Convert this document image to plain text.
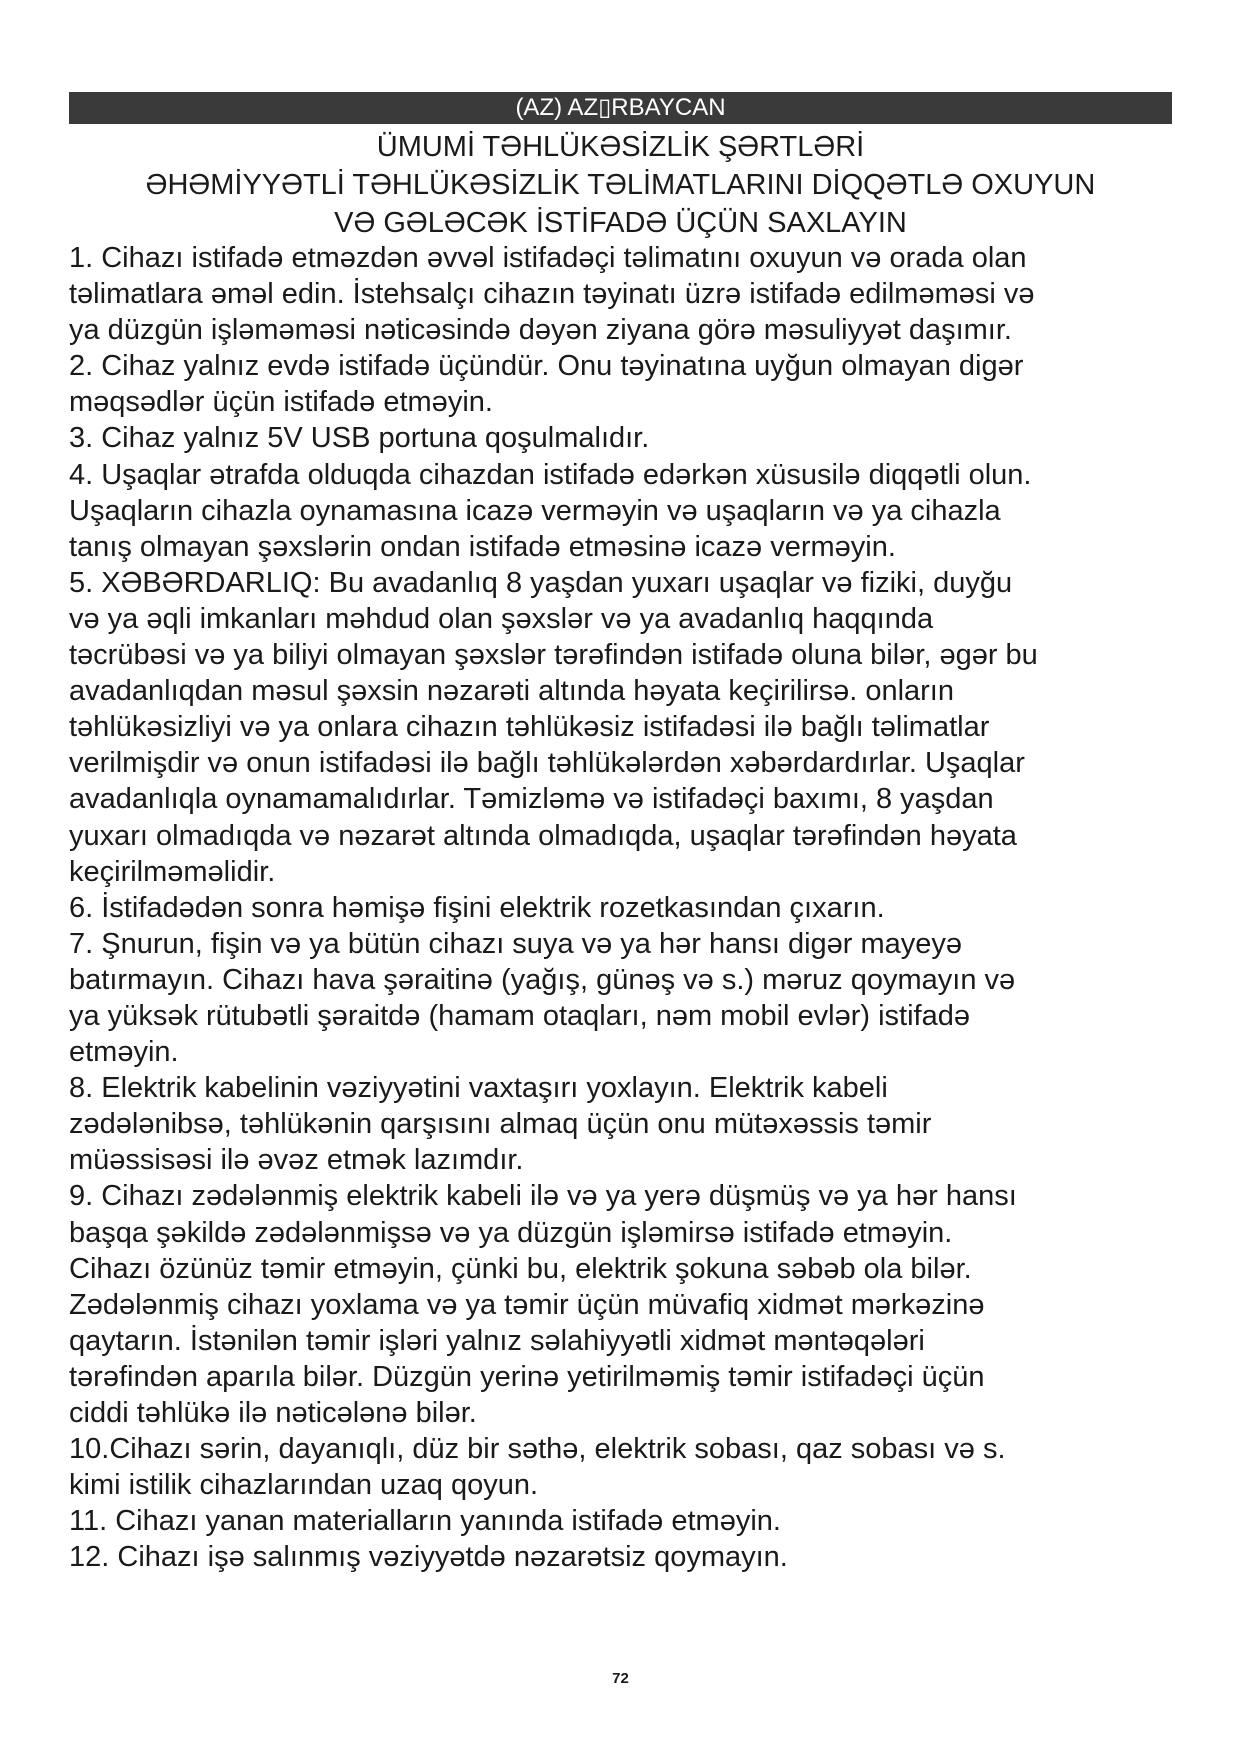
(AZ) AZ▯RBAYCAN
ÜMUMİ TƏHLÜKƏSİZLİK ŞƏRTLƏRİ
ƏHƏMİYYƏTLİ TƏHLÜKƏSİZLİK TƏLİMATLARINI DİQQƏTLƏ OXUYUN
VƏ GƏLƏCƏK İSTİFADƏ ÜÇÜN SAXLAYIN
1. Cihazı istifadə etməzdən əvvəl istifadəçi təlimatını oxuyun və orada olan
təlimatlara əməl edin. İstehsalçı cihazın təyinatı üzrə istifadə edilməməsi və
ya düzgün işləməməsi nəticəsində dəyən ziyana görə məsuliyyət daşımır.
2. Cihaz yalnız evdə istifadə üçündür. Onu təyinatına uyğun olmayan digər
məqsədlər üçün istifadə etməyin.
3. Cihaz yalnız 5V USB portuna qoşulmalıdır.
4. Uşaqlar ətrafda olduqda cihazdan istifadə edərkən xüsusilə diqqətli olun.
Uşaqların cihazla oynamasına icazə verməyin və uşaqların və ya cihazla
tanış olmayan şəxslərin ondan istifadə etməsinə icazə verməyin.
5. XƏBƏRDARLIQ: Bu avadanlıq 8 yaşdan yuxarı uşaqlar və fiziki, duyğu
və ya əqli imkanları məhdud olan şəxslər və ya avadanlıq haqqında
təcrübəsi və ya biliyi olmayan şəxslər tərəfindən istifadə oluna bilər, əgər bu
avadanlıqdan məsul şəxsin nəzarəti altında həyata keçirilirsə. onların
təhlükəsizliyi və ya onlara cihazın təhlükəsiz istifadəsi ilə bağlı təlimatlar
verilmişdir və onun istifadəsi ilə bağlı təhlükələrdən xəbərdardırlar. Uşaqlar
avadanlıqla oynamamalıdırlar. Təmizləmə və istifadəçi baxımı, 8 yaşdan
yuxarı olmadıqda və nəzarət altında olmadıqda, uşaqlar tərəfindən həyata
keçirilməməlidir.
6. İstifadədən sonra həmişə fişini elektrik rozetkasından çıxarın.
7. Şnurun, fişin və ya bütün cihazı suya və ya hər hansı digər mayeyə
batırmayın. Cihazı hava şəraitinə (yağış, günəş və s.) məruz qoymayın və
ya yüksək rütubətli şəraitdə (hamam otaqları, nəm mobil evlər) istifadə
etməyin.
8. Elektrik kabelinin vəziyyətini vaxtaşırı yoxlayın. Elektrik kabeli
zədələnibsə, təhlükənin qarşısını almaq üçün onu mütəxəssis təmir
müəssisəsi ilə əvəz etmək lazımdır.
9. Cihazı zədələnmiş elektrik kabeli ilə və ya yerə düşmüş və ya hər hansı
başqa şəkildə zədələnmişsə və ya düzgün işləmirsə istifadə etməyin.
Cihazı özünüz təmir etməyin, çünki bu, elektrik şokuna səbəb ola bilər.
Zədələnmiş cihazı yoxlama və ya təmir üçün müvafiq xidmət mərkəzinə
qaytarın. İstənilən təmir işləri yalnız səlahiyyətli xidmət məntəqələri
tərəfindən aparıla bilər. Düzgün yerinə yetirilməmiş təmir istifadəçi üçün
ciddi təhlükə ilə nəticələnə bilər.
10.Cihazı sərin, dayanıqlı, düz bir səthə, elektrik sobası, qaz sobası və s.
kimi istilik cihazlarından uzaq qoyun.
11. Cihazı yanan materialların yanında istifadə etməyin.
12. Cihazı işə salınmış vəziyyətdə nəzarətsiz qoymayın.
72
